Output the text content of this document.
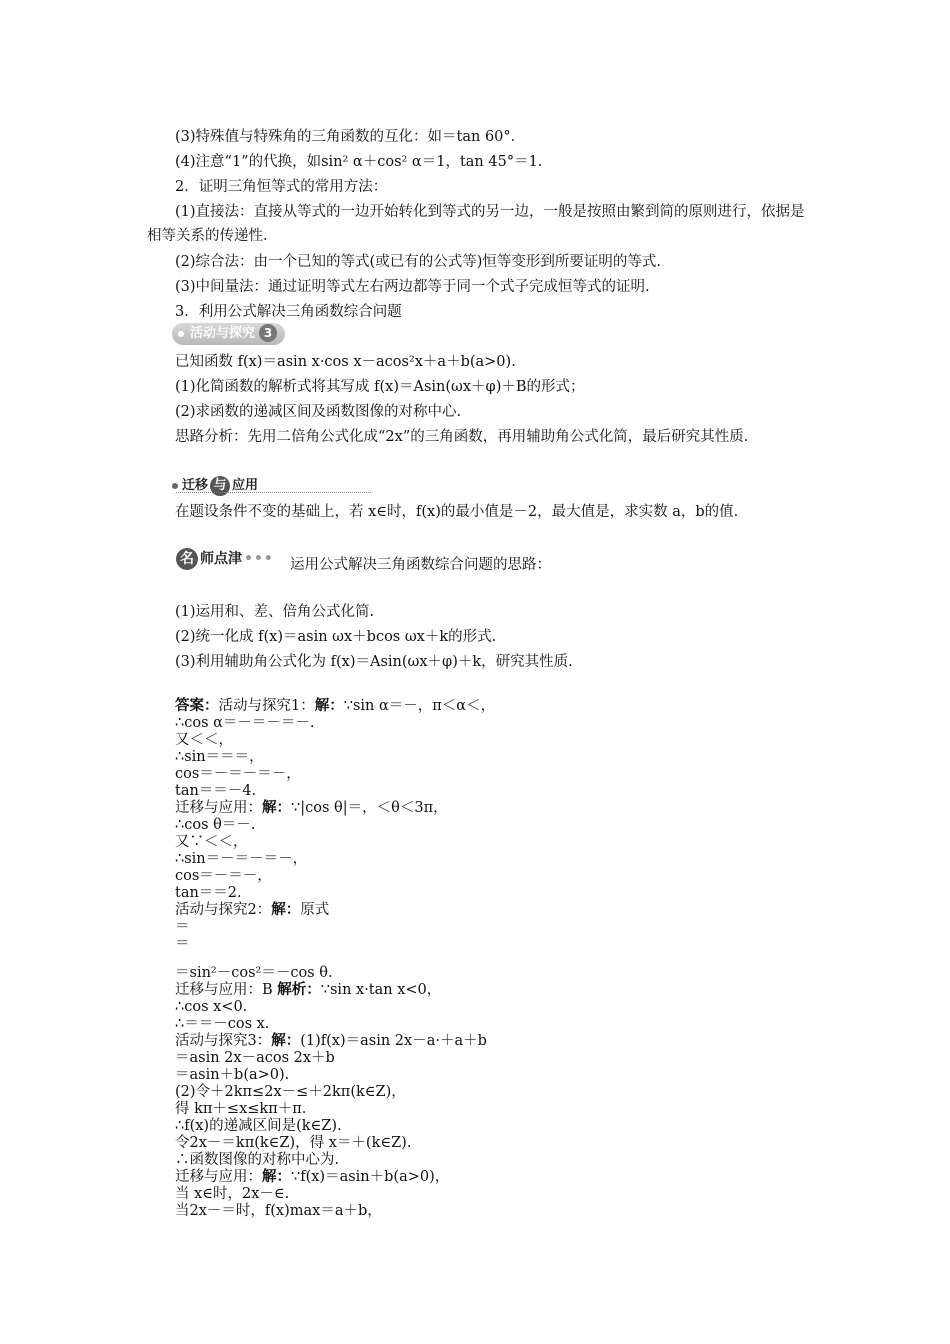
(3)特殊值与特殊角的三角函数的互化：如＝tan 60°．
(4)注意“1”的代换，如sin² α＋cos² α＝1，tan 45°＝1.
2．证明三角恒等式的常用方法：
(1)直接法：直接从等式的一边开始转化到等式的另一边，一般是按照由繁到简的原则进行，依据是相等关系的传递性.
(2)综合法：由一个已知的等式(或已有的公式等)恒等变形到所要证明的等式.
(3)中间量法：通过证明等式左右两边都等于同一个式子完成恒等式的证明.
3．利用公式解决三角函数综合问题
活动与探究 3
已知函数 f(x)＝asin x·cos x－acos²x＋a＋b(a>0).
(1)化简函数的解析式将其写成 f(x)＝Asin(ωx＋φ)＋B的形式；
(2)求函数的递减区间及函数图像的对称中心.
思路分析：先用二倍角公式化成“2x”的三角函数，再用辅助角公式化简，最后研究其性质.
迁移 与 应用
在题设条件不变的基础上，若 x∈时，f(x)的最小值是－2，最大值是，求实数 a，b的值.
名 师点津 ••• 运用公式解决三角函数综合问题的思路：
(1)运用和、差、倍角公式化简.
(2)统一化成 f(x)＝asin ωx＋bcos ωx＋k的形式.
(3)利用辅助角公式化为 f(x)＝Asin(ωx＋φ)＋k，研究其性质.
答案：活动与探究1：解：∵sin α＝－，π＜α＜，
∴cos α＝－＝－＝－.
又＜＜，
∴sin＝＝＝，
cos＝－＝－＝－，
tan＝＝－4.
迁移与应用：解：∵|cos θ|＝，＜θ＜3π，
∴cos θ＝－.
又∵＜＜，
∴sin＝－＝－＝－，
cos＝－＝－，
tan＝＝2.
活动与探究2：解：原式
＝
＝
＝sin²－cos²＝－cos θ.
迁移与应用：B 解析：∵sin x·tan x<0，
∴cos x<0.
∴＝＝－cos x.
活动与探究3：解：(1)f(x)＝asin 2x－a·＋a＋b
＝asin 2x－acos 2x＋b
＝asin＋b(a>0).
(2)令＋2kπ≤2x－≤＋2kπ(k∈Z)，
得 kπ＋≤x≤kπ＋π.
∴f(x)的递减区间是(k∈Z).
令2x－＝kπ(k∈Z)，得 x＝＋(k∈Z).
∴函数图像的对称中心为.
迁移与应用：解：∵f(x)＝asin＋b(a>0)，
当 x∈时，2x－∈.
当2x－＝时，f(x)max＝a＋b，
